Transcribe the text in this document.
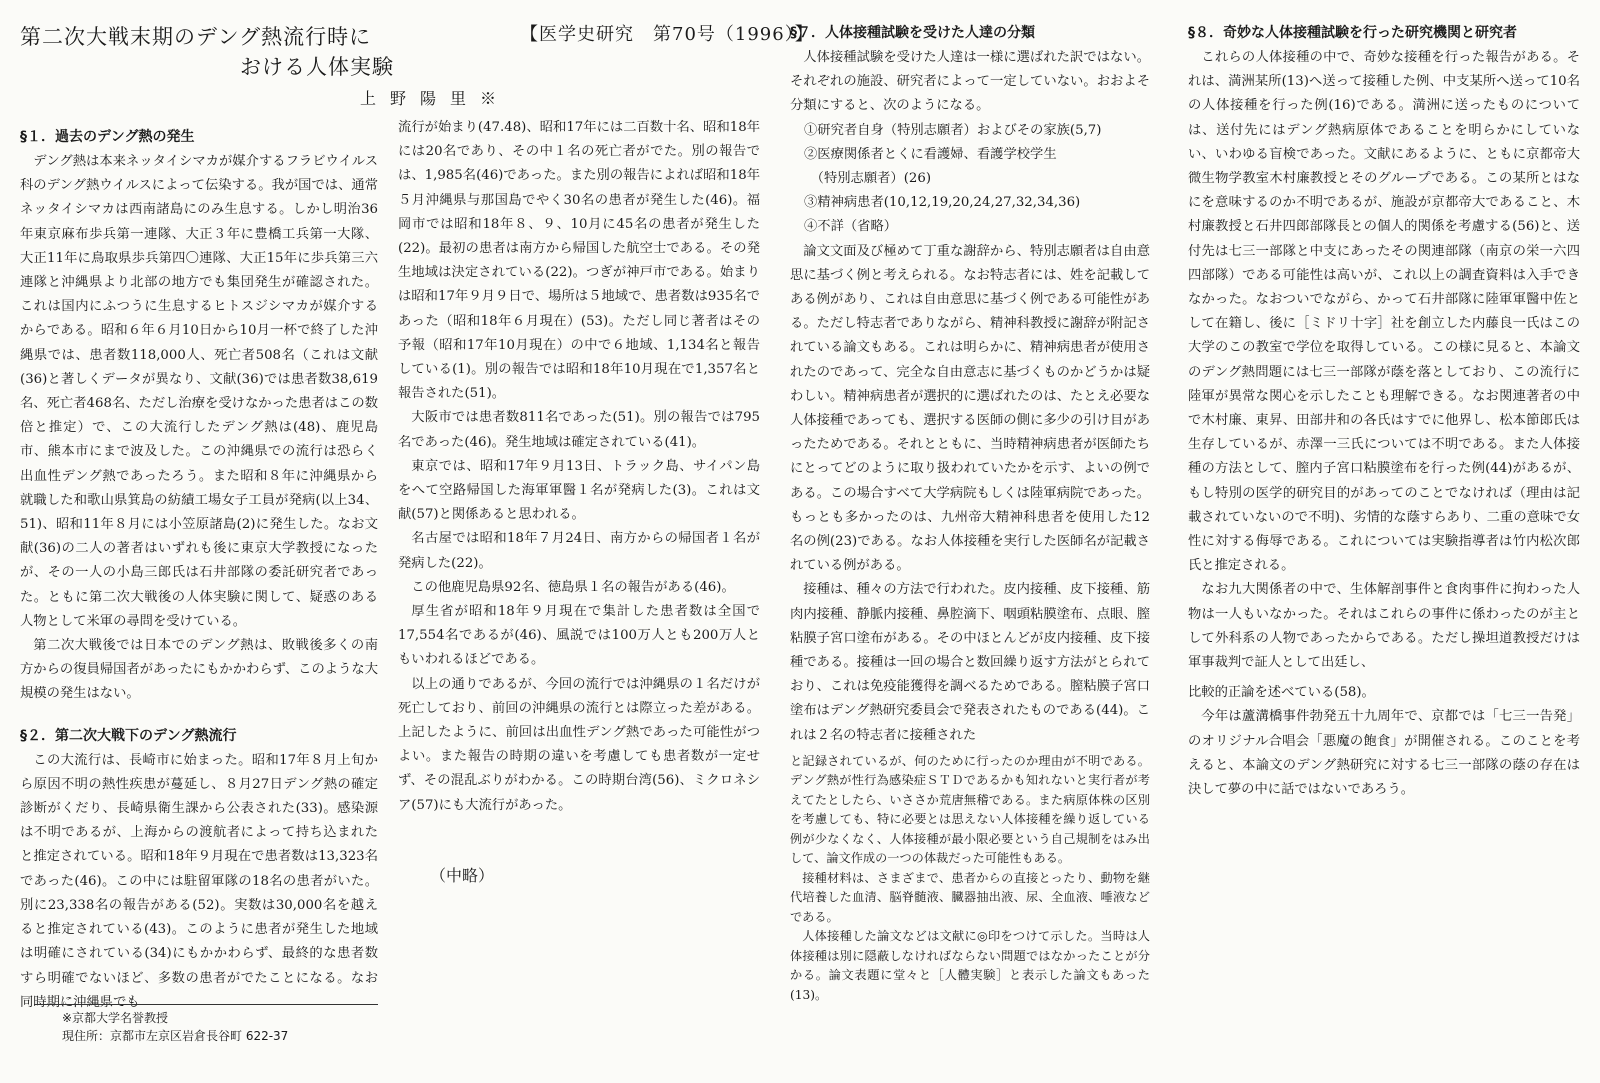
第二次大戦末期のデング熱流行時に
おける人体実験
上野陽里※
【医学史研究　第70号（1996）】

§１．過去のデング熱の発生

デング熱は本来ネッタイシマカが媒介するフラビウイルス科のデング熱ウイルスによって伝染する。我が国では、通常ネッタイシマカは西南諸島にのみ生息する。しかし明治36年東京麻布歩兵第一連隊、大正３年に豊橋工兵第一大隊、大正11年に鳥取県歩兵第四〇連隊、大正15年に歩兵第三六連隊と沖縄県より北部の地方でも集団発生が確認された。これは国内にふつうに生息するヒトスジシマカが媒介するからである。昭和６年６月10日から10月一杯で終了した沖縄県では、患者数118,000人、死亡者508名（これは文献(36)と著しくデータが異なり、文献(36)では患者数38,619名、死亡者468名、ただし治療を受けなかった患者はこの数倍と推定）で、この大流行したデング熱は(48)、鹿児島市、熊本市にまで波及した。この沖縄県での流行は恐らく出血性デング熱であったろう。また昭和８年に沖縄県から就職した和歌山県箕島の紡績工場女子工員が発病(以上34、51)、昭和11年８月には小笠原諸島(2)に発生した。なお文献(36)の二人の著者はいずれも後に東京大学教授になったが、その一人の小島三郎氏は石井部隊の委託研究者であった。ともに第二次大戦後の人体実験に関して、疑惑のある人物として米軍の尋問を受けている。

第二次大戦後では日本でのデング熱は、敗戦後多くの南方からの復員帰国者があったにもかかわらず、このような大規模の発生はない。

§２．第二次大戦下のデング熱流行

この大流行は、長崎市に始まった。昭和17年８月上旬から原因不明の熱性疾患が蔓延し、８月27日デング熱の確定診断がくだり、長崎県衛生課から公表された(33)。感染源は不明であるが、上海からの渡航者によって持ち込まれたと推定されている。昭和18年９月現在で患者数は13,323名であった(46)。この中には駐留軍隊の18名の患者がいた。別に23,338名の報告がある(52)。実数は30,000名を越えると推定されている(43)。このように患者が発生した地域は明確にされている(34)にもかかわらず、最終的な患者数すら明確でないほど、多数の患者がでたことになる。なお同時期に沖縄県でも

※京都大学名誉教授
現住所：京都市左京区岩倉長谷町 622-37

流行が始まり(47.48)、昭和17年には二百数十名、昭和18年には20名であり、その中１名の死亡者がでた。別の報告では、1,985名(46)であった。また別の報告によれば昭和18年５月沖縄県与那国島でやく30名の患者が発生した(46)。福岡市では昭和18年８、９、10月に45名の患者が発生した(22)。最初の患者は南方から帰国した航空士である。その発生地域は決定されている(22)。つぎが神戸市である。始まりは昭和17年９月９日で、場所は５地域で、患者数は935名であった（昭和18年６月現在）(53)。ただし同じ著者はその予報（昭和17年10月現在）の中で６地域、1,134名と報告している(1)。別の報告では昭和18年10月現在で1,357名と報告された(51)。

大阪市では患者数811名であった(51)。別の報告では795名であった(46)。発生地域は確定されている(41)。

東京では、昭和17年９月13日、トラック島、サイパン島をへて空路帰国した海軍軍醫１名が発病した(3)。これは文献(57)と関係あると思われる。

名古屋では昭和18年７月24日、南方からの帰国者１名が発病した(22)。

この他鹿児島県92名、徳島県１名の報告がある(46)。

厚生省が昭和18年９月現在で集計した患者数は全国で17,554名であるが(46)、風説では100万人とも200万人ともいわれるほどである。

以上の通りであるが、今回の流行では沖縄県の１名だけが死亡しており、前回の沖縄県の流行とは際立った差がある。上記したように、前回は出血性デング熱であった可能性がつよい。また報告の時期の違いを考慮しても患者数が一定せず、その混乱ぶりがわかる。この時期台湾(56)、ミクロネシア(57)にも大流行があった。

（中略）

§７．人体接種試験を受けた人達の分類

人体接種試験を受けた人達は一様に選ばれた訳ではない。それぞれの施設、研究者によって一定していない。おおよそ分類にすると、次のようになる。

①研究者自身（特別志願者）およびその家族(5,7)

②医療関係者とくに看護婦、看護学校学生

　（特別志願者）(26)

③精神病患者(10,12,19,20,24,27,32,34,36)

④不詳（省略）

論文文面及び極めて丁重な謝辞から、特別志願者は自由意思に基づく例と考えられる。なお特志者には、姓を記載してある例があり、これは自由意思に基づく例である可能性がある。ただし特志者でありながら、精神科教授に謝辞が附記されている論文もある。これは明らかに、精神病患者が使用されたのであって、完全な自由意志に基づくものかどうかは疑わしい。精神病患者が選択的に選ばれたのは、たとえ必要な人体接種であっても、選択する医師の側に多少の引け目があったためである。それとともに、当時精神病患者が医師たちにとってどのように取り扱われていたかを示す、よいの例である。この場合すべて大学病院もしくは陸軍病院であった。もっとも多かったのは、九州帝大精神科患者を使用した12名の例(23)である。なお人体接種を実行した医師名が記載されている例がある。

接種は、種々の方法で行われた。皮内接種、皮下接種、筋肉内接種、静脈内接種、鼻腔滴下、咽頭粘膜塗布、点眼、膣粘膜子宮口塗布がある。その中ほとんどが皮内接種、皮下接種である。接種は一回の場合と数回繰り返す方法がとられており、これは免疫能獲得を調べるためである。膣粘膜子宮口塗布はデング熱研究委員会で発表されたものである(44)。これは２名の特志者に接種された

と記録されているが、何のために行ったのか理由が不明である。デング熱が性行為感染症ＳＴＤであるかも知れないと実行者が考えてたとしたら、いささか荒唐無稽である。また病原体株の区別を考慮しても、特に必要とは思えない人体接種を繰り返している例が少なくなく、人体接種が最小限必要という自己規制をはみ出して、論文作成の一つの体裁だった可能性もある。

接種材料は、さまざまで、患者からの直接とったり、動物を継代培養した血清、脳脊髄液、臓器抽出液、尿、全血液、唾液などである。

人体接種した論文などは文献に◎印をつけて示した。当時は人体接種は別に隠蔽しなければならない問題ではなかったことが分かる。論文表題に堂々と［人體実験］と表示した論文もあった(13)。

§８．奇妙な人体接種試験を行った研究機関と研究者

これらの人体接種の中で、奇妙な接種を行った報告がある。それは、満洲某所(13)へ送って接種した例、中支某所へ送って10名の人体接種を行った例(16)である。満洲に送ったものについては、送付先にはデング熱病原体であることを明らかにしていない、いわゆる盲検であった。文献にあるように、ともに京都帝大微生物学教室木村廉教授とそのグループである。この某所とはなにを意味するのか不明であるが、施設が京都帝大であること、木村廉教授と石井四郎部隊長との個人的関係を考慮する(56)と、送付先は七三一部隊と中支にあったその関連部隊（南京の栄一六四四部隊）である可能性は高いが、これ以上の調査資料は入手できなかった。なおついでながら、かって石井部隊に陸軍軍醫中佐として在籍し、後に［ミドリ十字］社を創立した内藤良一氏はこの大学のこの教室で学位を取得している。この様に見ると、本論文のデング熱問題には七三一部隊が蔭を落としており、この流行に陸軍が異常な関心を示したことも理解できる。なお関連著者の中で木村廉、東昇、田部井和の各氏はすでに他界し、松本節郎氏は生存しているが、赤澤一三氏については不明である。また人体接種の方法として、膣内子宮口粘膜塗布を行った例(44)があるが、もし特別の医学的研究目的があってのことでなければ（理由は記載されていないので不明)、劣情的な蔭すらあり、二重の意味で女性に対する侮辱である。これについては実験指導者は竹内松次郎氏と推定される。

なお九大関係者の中で、生体解剖事件と食肉事件に拘わった人物は一人もいなかった。それはこれらの事件に係わったのが主として外科系の人物であったからである。ただし操坦道教授だけは軍事裁判で証人として出廷し、

比較的正論を述べている(58)。

今年は蘆溝橋事件勃発五十九周年で、京都では「七三一告発」のオリジナル合唱会「悪魔の飽食」が開催される。このことを考えると、本論文のデング熱研究に対する七三一部隊の蔭の存在は決して夢の中に話ではないであろう。
